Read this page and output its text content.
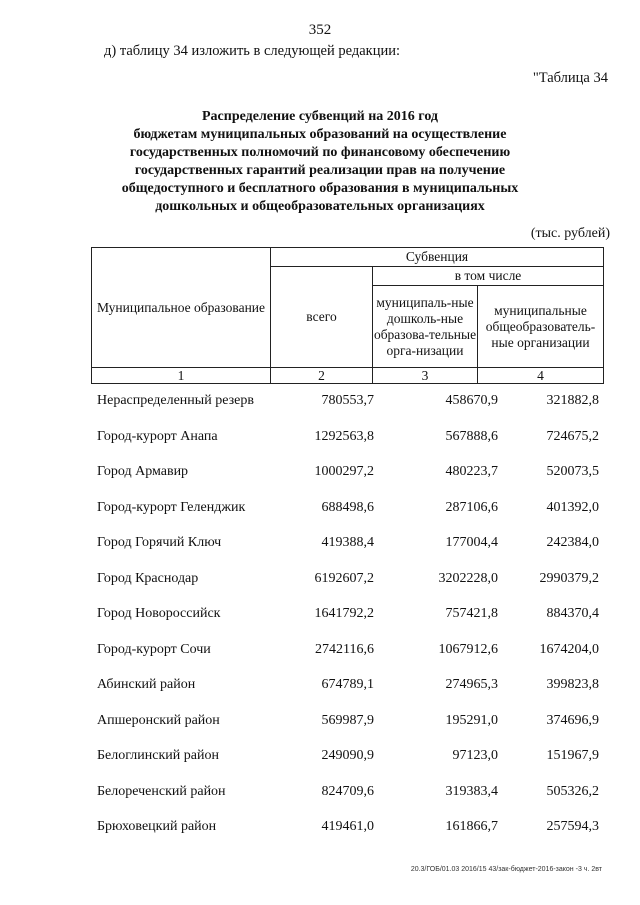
352
д) таблицу 34 изложить в следующей редакции:
"Таблица 34
Распределение субвенций на 2016 год
бюджетам муниципальных образований на осуществление
государственных полномочий по финансовому обеспечению
государственных гарантий реализации прав на получение
общедоступного и бесплатного образования в муниципальных
дошкольных и общеобразовательных организациях
(тыс. рублей)
Муниципальное образование	Субвенция		
	всего	в том числе	
		муниципаль-ные дошколь-ные образова-тельные орга-низации	муниципальные общеобразователь-ные организации
1	2	3	4
Нераспределенный резерв	780553,7	458670,9	321882,8
Город-курорт Анапа	1292563,8	567888,6	724675,2
Город Армавир	1000297,2	480223,7	520073,5
Город-курорт Геленджик	688498,6	287106,6	401392,0
Город Горячий Ключ	419388,4	177004,4	242384,0
Город Краснодар	6192607,2	3202228,0	2990379,2
Город Новороссийск	1641792,2	757421,8	884370,4
Город-курорт Сочи	2742116,6	1067912,6	1674204,0
Абинский район	674789,1	274965,3	399823,8
Апшеронский район	569987,9	195291,0	374696,9
Белоглинский район	249090,9	97123,0	151967,9
Белореченский район	824709,6	319383,4	505326,2
Брюховецкий район	419461,0	161866,7	257594,3
20.3/ГОБ/01.03 2016/15 43/зак-бюджет-2016-закон -3 ч. 2вт
